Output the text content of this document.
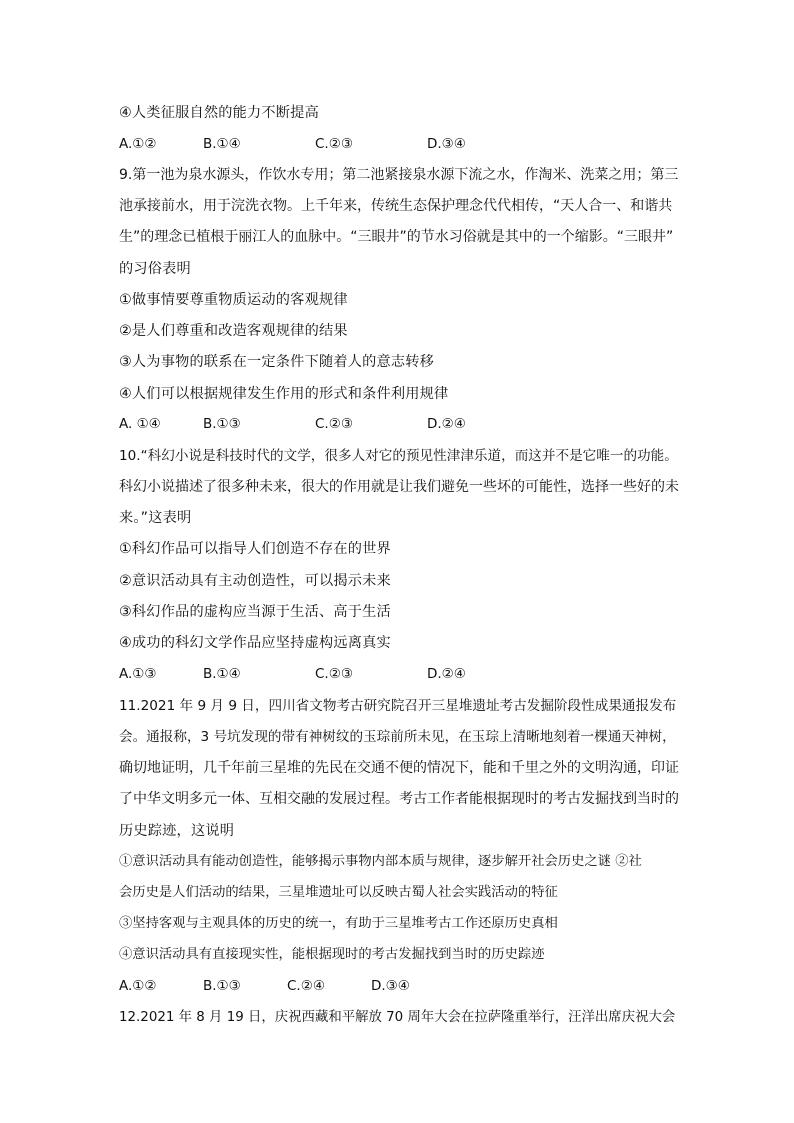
④人类征服自然的能力不断提高
A.①②	B.①④	C.②③	D.③④
9.第一池为泉水源头，作饮水专用；第二池紧接泉水源下流之水，作淘米、洗菜之用；第三
池承接前水，用于浣洗衣物。上千年来，传统生态保护理念代代相传，“天人合一、和谐共
生”的理念已植根于丽江人的血脉中。“三眼井”的节水习俗就是其中的一个缩影。“三眼井”
的习俗表明
①做事情要尊重物质运动的客观规律
②是人们尊重和改造客观规律的结果
③人为事物的联系在一定条件下随着人的意志转移
④人们可以根据规律发生作用的形式和条件利用规律
A. ①④	B.①③	C.②③	D.②④
10.“科幻小说是科技时代的文学，很多人对它的预见性津津乐道，而这并不是它唯一的功能。
科幻小说描述了很多种未来，很大的作用就是让我们避免一些坏的可能性，选择一些好的未
来。”这表明
①科幻作品可以指导人们创造不存在的世界
②意识活动具有主动创造性，可以揭示未来
③科幻作品的虚构应当源于生活、高于生活
④成功的科幻文学作品应坚持虚构远离真实
A.①③	B.①④	C.②③	D.②④
11.2021 年 9 月 9 日，四川省文物考古研究院召开三星堆遗址考古发掘阶段性成果通报发布
会。通报称，3 号坑发现的带有神树纹的玉琮前所未见，在玉琮上清晰地刻着一棵通天神树，
确切地证明，几千年前三星堆的先民在交通不便的情况下，能和千里之外的文明沟通，印证
了中华文明多元一体、互相交融的发展过程。考古工作者能根据现时的考古发掘找到当时的
历史踪迹，这说明
①意识活动具有能动创造性，能够揭示事物内部本质与规律，逐步解开社会历史之谜 ②社
会历史是人们活动的结果，三星堆遗址可以反映古蜀人社会实践活动的特征
③坚持客观与主观具体的历史的统一，有助于三星堆考古工作还原历史真相
④意识活动具有直接现实性，能根据现时的考古发掘找到当时的历史踪迹
A.①②	B.①③	C.②④	D.③④
12.2021 年 8 月 19 日，庆祝西藏和平解放 70 周年大会在拉萨隆重举行，汪洋出席庆祝大会
